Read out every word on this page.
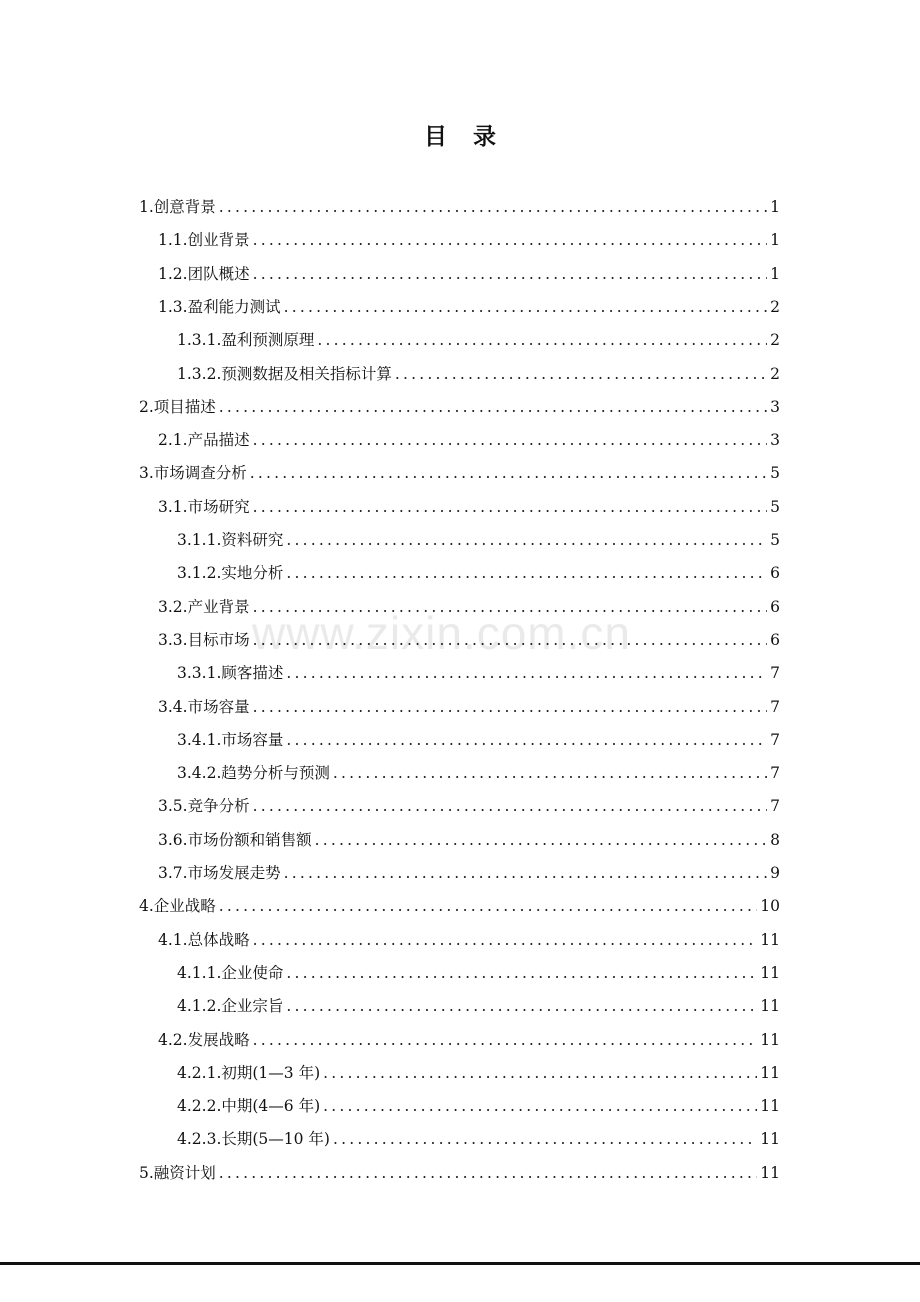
目 录
www.zixin.com.cn
1.创意背景 .....	1
1.1.创业背景 .....	1
1.2.团队概述 .....	1
1.3.盈利能力测试 .....	2
1.3.1.盈利预测原理 .....	2
1.3.2.预测数据及相关指标计算 .....	2
2.项目描述 .....	3
2.1.产品描述 .....	3
3.市场调查分析 .....	5
3.1.市场研究 .....	5
3.1.1.资料研究 .....	5
3.1.2.实地分析 .....	6
3.2.产业背景 .....	6
3.3.目标市场 .....	6
3.3.1.顾客描述 .....	7
3.4.市场容量 .....	7
3.4.1.市场容量 .....	7
3.4.2.趋势分析与预测 .....	7
3.5.竞争分析 .....	7
3.6.市场份额和销售额 .....	8
3.7.市场发展走势 .....	9
4.企业战略 .....	10
4.1.总体战略 .....	11
4.1.1.企业使命 .....	11
4.1.2.企业宗旨 .....	11
4.2.发展战略 .....	11
4.2.1.初期(1—3 年) .....	11
4.2.2.中期(4—6 年) .....	11
4.2.3.长期(5—10 年) .....	11
5.融资计划 .....	11
